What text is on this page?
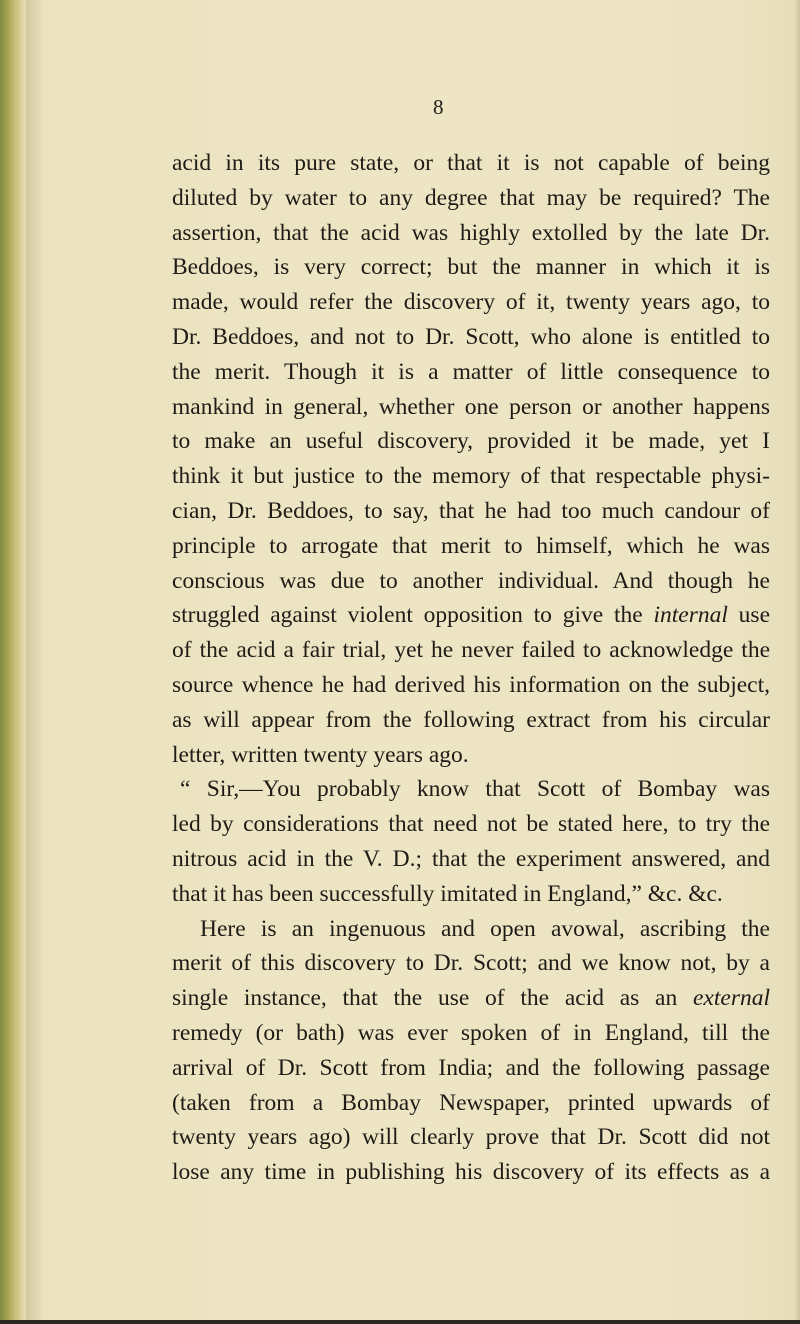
8
acid in its pure state, or that it is not capable of being
diluted by water to any degree that may be required? The
assertion, that the acid was highly extolled by the late Dr.
Beddoes, is very correct; but the manner in which it is
made, would refer the discovery of it, twenty years ago, to
Dr. Beddoes, and not to Dr. Scott, who alone is entitled to
the merit. Though it is a matter of little consequence to
mankind in general, whether one person or another happens
to make an useful discovery, provided it be made, yet I
think it but justice to the memory of that respectable physi-
cian, Dr. Beddoes, to say, that he had too much candour of
principle to arrogate that merit to himself, which he was
conscious was due to another individual. And though he
struggled against violent opposition to give the internal use
of the acid a fair trial, yet he never failed to acknowledge the
source whence he had derived his information on the subject,
as will appear from the following extract from his circular
letter, written twenty years ago.
“ Sir,—You probably know that Scott of Bombay was
led by considerations that need not be stated here, to try the
nitrous acid in the V. D.; that the experiment answered, and
that it has been successfully imitated in England,” &c. &c.
Here is an ingenuous and open avowal, ascribing the
merit of this discovery to Dr. Scott; and we know not, by a
single instance, that the use of the acid as an external
remedy (or bath) was ever spoken of in England, till the
arrival of Dr. Scott from India; and the following passage
(taken from a Bombay Newspaper, printed upwards of
twenty years ago) will clearly prove that Dr. Scott did not
lose any time in publishing his discovery of its effects as a
